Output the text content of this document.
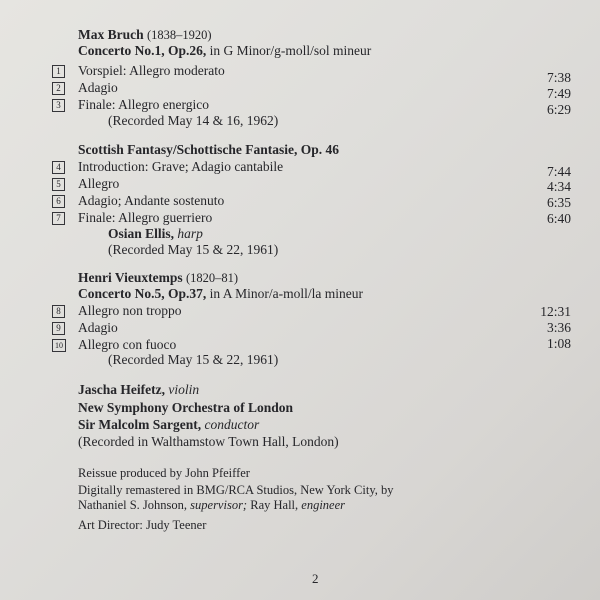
Max Bruch (1838–1920)
Concerto No.1, Op.26, in G Minor/g-moll/sol mineur
1	Vorspiel: Allegro moderato	7:38
2	Adagio	7:49
3	Finale: Allegro energico	6:29
(Recorded May 14 & 16, 1962)
Scottish Fantasy/Schottische Fantasie, Op. 46
4	Introduction: Grave; Adagio cantabile	7:44
5	Allegro	4:34
6	Adagio; Andante sostenuto	6:35
7	Finale: Allegro guerriero	6:40
Osian Ellis, harp
(Recorded May 15 & 22, 1961)
Henri Vieuxtemps (1820–81)
Concerto No.5, Op.37, in A Minor/a-moll/la mineur
8	Allegro non troppo	12:31
9	Adagio	3:36
10 Allegro con fuoco	1:08
(Recorded May 15 & 22, 1961)
Jascha Heifetz, violin
New Symphony Orchestra of London
Sir Malcolm Sargent, conductor
(Recorded in Walthamstow Town Hall, London)
Reissue produced by John Pfeiffer
Digitally remastered in BMG/RCA Studios, New York City, by
Nathaniel S. Johnson, supervisor; Ray Hall, engineer
Art Director: Judy Teener
2
